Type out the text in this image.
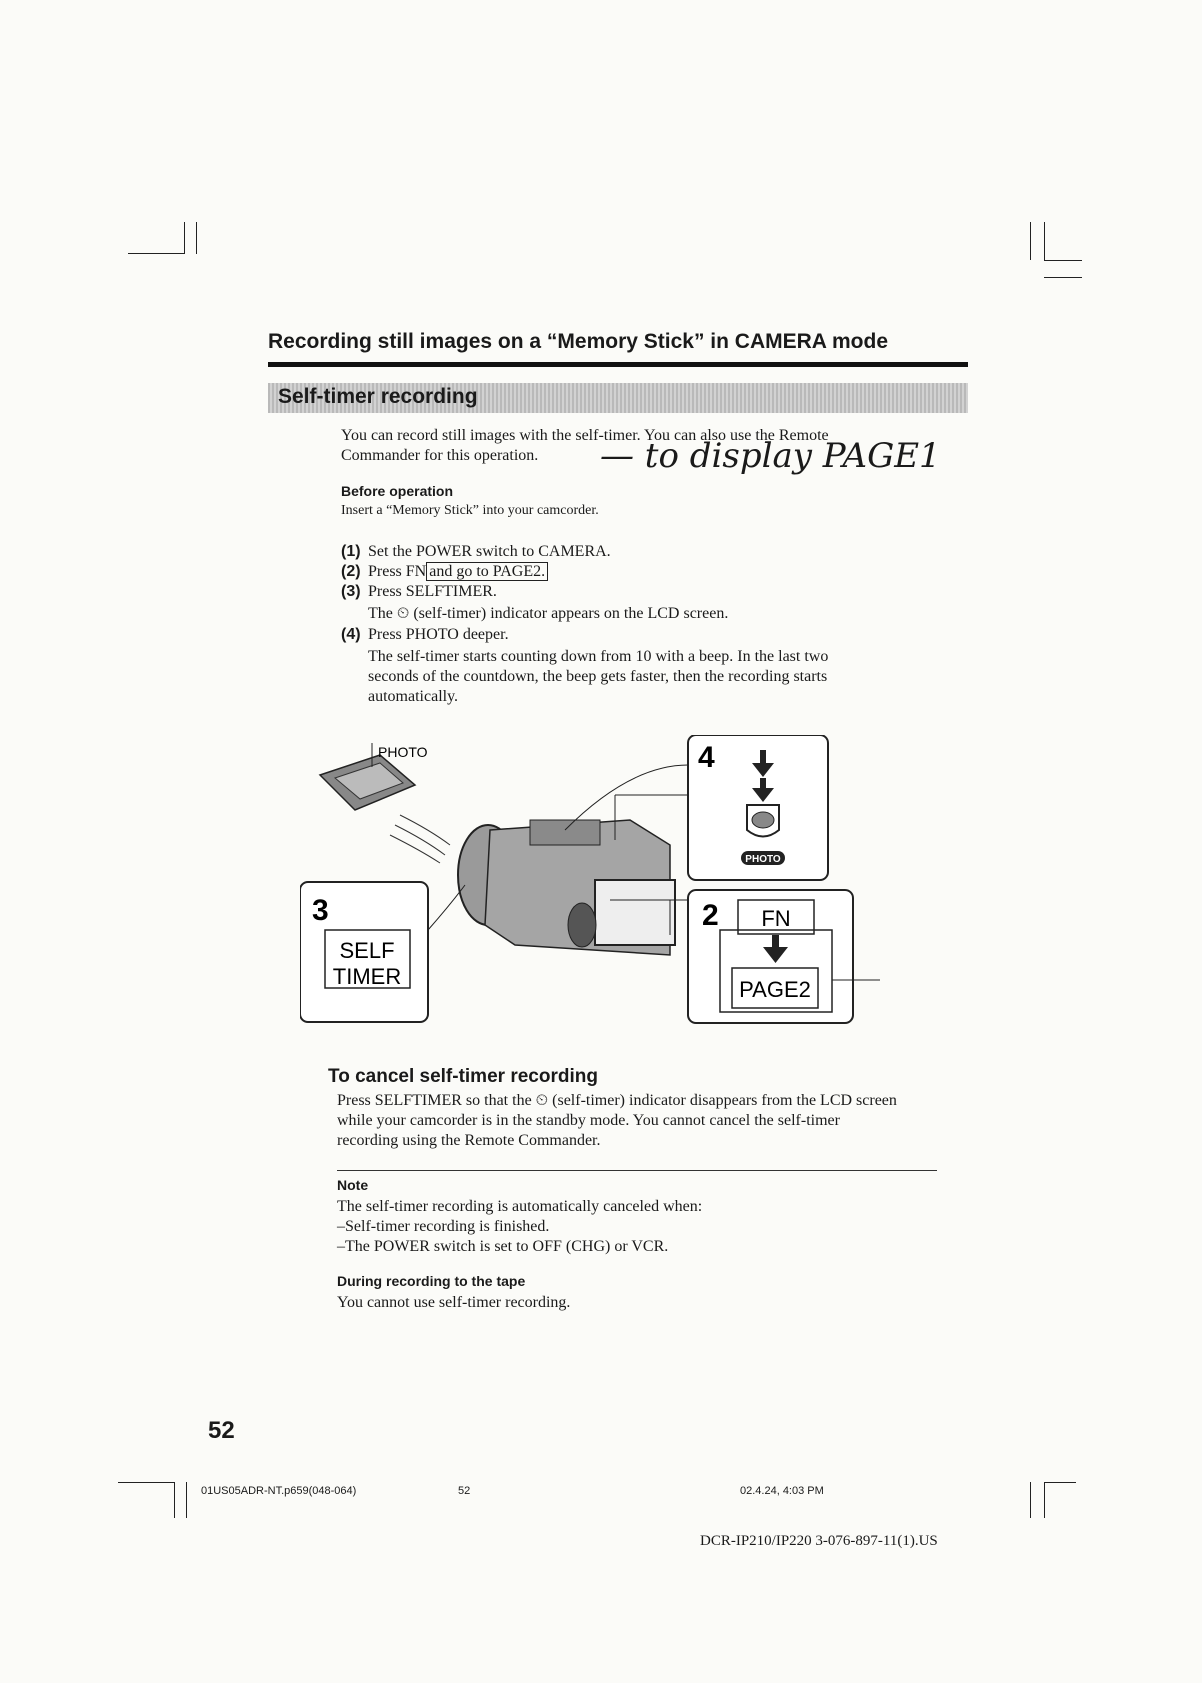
Recording still images on a “Memory Stick” in CAMERA mode
Self-timer recording
You can record still images with the self-timer. You can also use the Remote Commander for this operation.
Before operation
Insert a “Memory Stick” into your camcorder.
(1) Set the POWER switch to CAMERA.
(2) Press FN and go to PAGE2.
— to display PAGE1
(3) Press SELFTIMER.
The ⏲ (self-timer) indicator appears on the LCD screen.
(4) Press PHOTO deeper.
The self-timer starts counting down from 10 with a beep. In the last two
seconds of the countdown, the beep gets faster, then the recording starts
automatically.
PHOTO
3
SELF
TIMER
4
PHOTO
2 FN
PAGE2
To cancel self-timer recording
Press SELFTIMER so that the ⏲ (self-timer) indicator disappears from the LCD screen
while your camcorder is in the standby mode. You cannot cancel the self-timer
recording using the Remote Commander.
Note
The self-timer recording is automatically canceled when:
–Self-timer recording is finished.
–The POWER switch is set to OFF (CHG) or VCR.
During recording to the tape
You cannot use self-timer recording.
52
01US05ADR-NT.p659(048-064)	52	02.4.24, 4:03 PM
DCR-IP210/IP220 3-076-897-11(1).US
